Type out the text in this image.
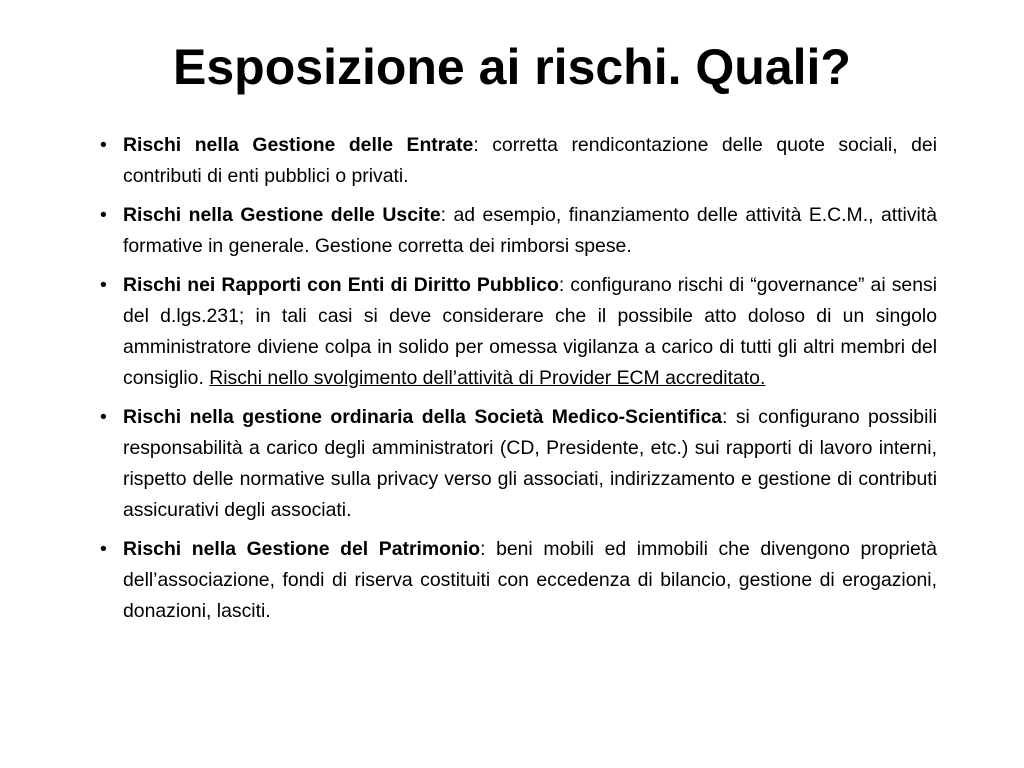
Esposizione ai rischi. Quali?
• Rischi nella Gestione delle Entrate: corretta rendicontazione delle quote sociali, dei contributi di enti pubblici o privati.
• Rischi nella Gestione delle Uscite: ad esempio, finanziamento delle attività E.C.M., attività formative in generale. Gestione corretta dei rimborsi spese.
• Rischi nei Rapporti con Enti di Diritto Pubblico: configurano rischi di “governance” ai sensi del d.lgs.231; in tali casi si deve considerare che il possibile atto doloso di un singolo amministratore diviene colpa in solido per omessa vigilanza a carico di tutti gli altri membri del consiglio. Rischi nello svolgimento dell’attività di Provider ECM accreditato.
• Rischi nella gestione ordinaria della Società Medico-Scientifica: si configurano possibili responsabilità a carico degli amministratori (CD, Presidente, etc.) sui rapporti di lavoro interni, rispetto delle normative sulla privacy verso gli associati, indirizzamento e gestione di contributi assicurativi degli associati.
• Rischi nella Gestione del Patrimonio: beni mobili ed immobili che divengono proprietà dell’associazione, fondi di riserva costituiti con eccedenza di bilancio, gestione di erogazioni, donazioni, lasciti.
